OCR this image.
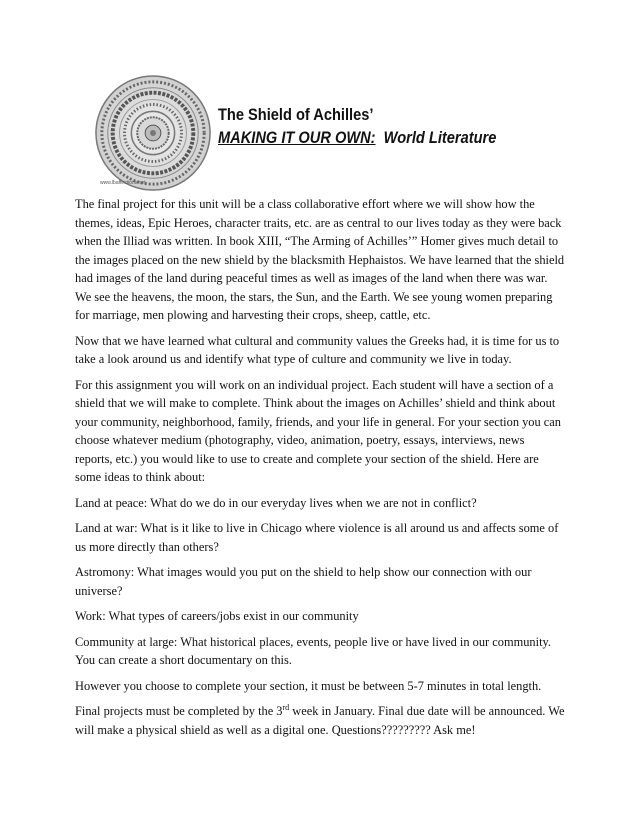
www.lbaffections.net
The Shield of Achilles’
MAKING IT OUR OWN:  World Literature

The final project for this unit will be a class collaborative effort where we will show how the themes, ideas, Epic Heroes, character traits, etc. are as central to our lives today as they were back when the Illiad was written. In book XIII, “The Arming of Achilles’” Homer gives much detail to the images placed on the new shield by the blacksmith Hephaistos. We have learned that the shield had images of the land during peaceful times as well as images of the land when there was war. We see the heavens, the moon, the stars, the Sun, and the Earth. We see young women preparing for marriage, men plowing and harvesting their crops, sheep, cattle, etc.

Now that we have learned what cultural and community values the Greeks had, it is time for us to take a look around us and identify what type of culture and community we live in today.

For this assignment you will work on an individual project. Each student will have a section of a shield that we will make to complete. Think about the images on Achilles’ shield and think about your community, neighborhood, family, friends, and your life in general. For your section you can choose whatever medium (photography, video, animation, poetry, essays, interviews, news reports, etc.) you would like to use to create and complete your section of the shield. Here are some ideas to think about:

Land at peace: What do we do in our everyday lives when we are not in conflict?

Land at war: What is it like to live in Chicago where violence is all around us and affects some of us more directly than others?

Astromony: What images would you put on the shield to help show our connection with our universe?

Work: What types of careers/jobs exist in our community

Community at large: What historical places, events, people live or have lived in our community. You can create a short documentary on this.

However you choose to complete your section, it must be between 5-7 minutes in total length.

Final projects must be completed by the 3rd week in January. Final due date will be announced. We will make a physical shield as well as a digital one. Questions????????? Ask me!
